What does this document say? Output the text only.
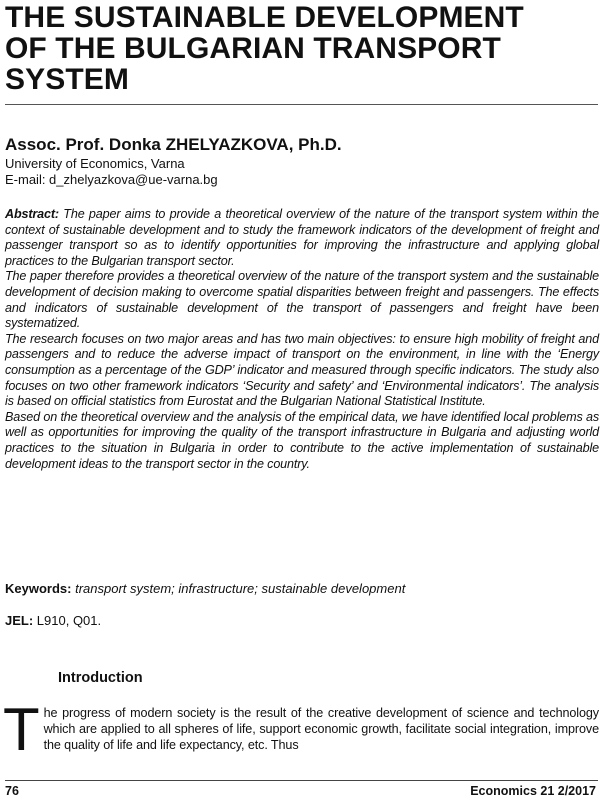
THE SUSTAINABLE DEVELOPMENT
OF THE BULGARIAN TRANSPORT
SYSTEM
Assoc. Prof. Donka ZHELYAZKOVA, Ph.D.
University of Economics, Varna
E-mail: d_zhelyazkova@ue-varna.bg

Abstract: The paper aims to provide a theoretical overview of the nature of the transport system within the context of sustainable development and to study the framework indicators of the development of freight and passenger transport so as to identify opportunities for improving the infrastructure and applying global practices to the Bulgarian transport sector.

The paper therefore provides a theoretical overview of the nature of the transport system and the sustainable development of decision making to overcome spatial disparities between freight and passengers. The effects and indicators of sustainable development of the transport of passengers and freight have been systematized.

The research focuses on two major areas and has two main objectives: to ensure high mobility of freight and passengers and to reduce the adverse impact of transport on the environment, in line with the ‘Energy consumption as a percentage of the GDP’ indicator and measured through specific indicators. The study also focuses on two other framework indicators ‘Security and safety’ and ‘Environmental indicators’. The analysis is based on official statistics from Eurostat and the Bulgarian National Statistical Institute.

Based on the theoretical overview and the analysis of the empirical data, we have identified local problems as well as opportunities for improving the quality of the transport infrastructure in Bulgaria and adjusting world practices to the situation in Bulgaria in order to contribute to the active implementation of sustainable development ideas to the transport sector in the country.

Keywords: transport system; infrastructure; sustainable development
JEL: L910, Q01.
Introduction
T he progress of modern society is the result of the creative development of science and technology which are applied to all spheres of life, support economic growth, facilitate social integration, improve the quality of life and life expectancy, etc. Thus
76	Economics 21 2/2017
